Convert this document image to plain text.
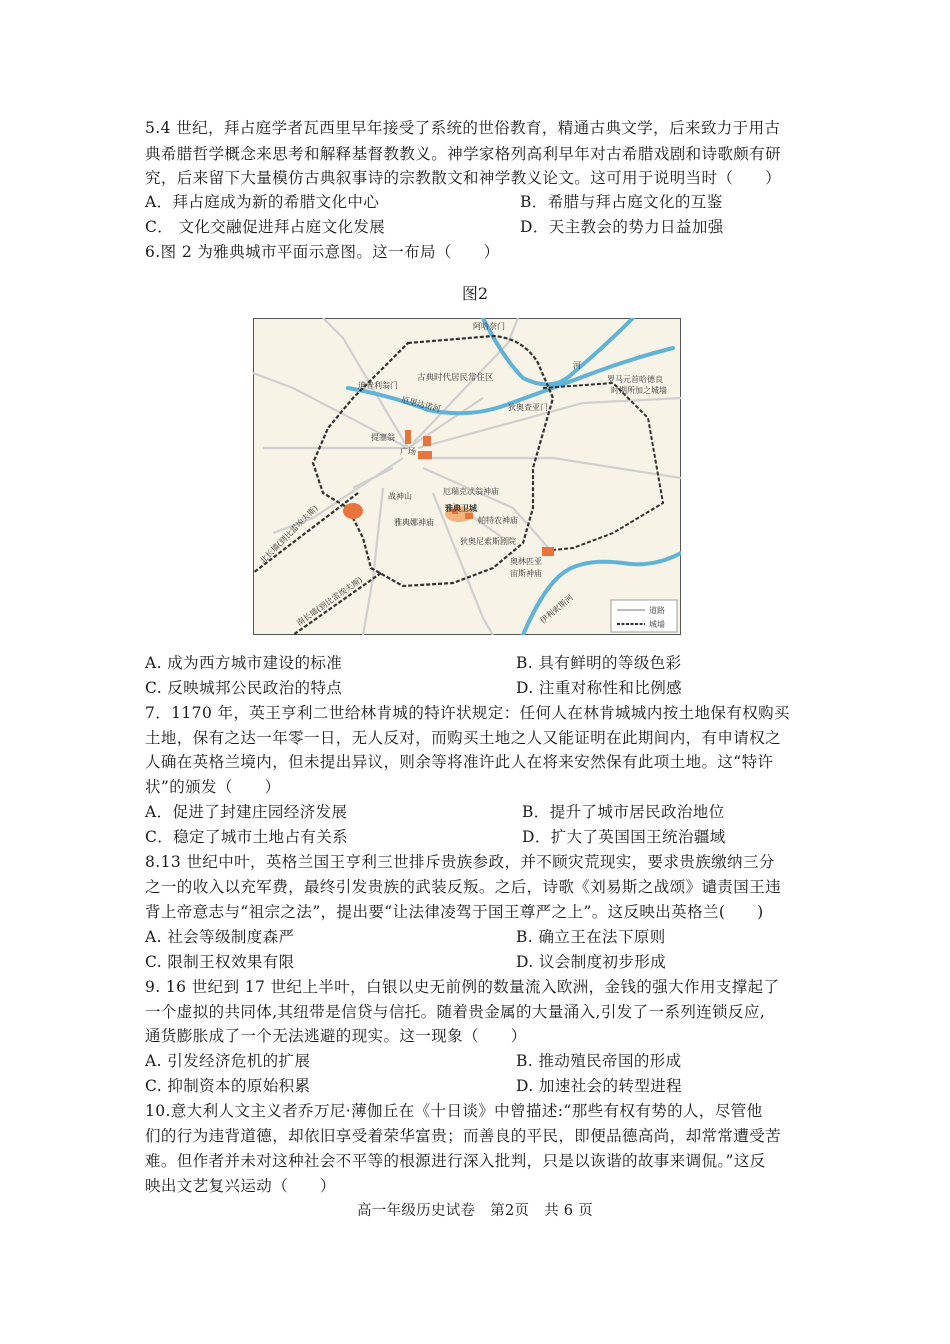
5.4 世纪，拜占庭学者瓦西里早年接受了系统的世俗教育，精通古典文学，后来致力于用古
典希腊哲学概念来思考和解释基督教教义。神学家格列高利早年对古希腊戏剧和诗歌颇有研
究，后来留下大量模仿古典叙事诗的宗教散文和神学教义论文。这可用于说明当时（　　）
A．拜占庭成为新的希腊文化中心	B．希腊与拜占庭文化的互鉴
C． 文化交融促进拜占庭文化发展	D．天主教会的势力日益加强
6.图 2 为雅典城市平面示意图。这一布局（　　）
图2
阿哈奈门
古典时代居民常住区
迪普利翁门
罗马元首哈德良
时期所加之城墙
狄奥查亚门
提塞翁
广场
战神山
厄瑞克忒翁神庙
雅典卫城
雅典娜神庙	帕特农神庙
狄奥尼索斯剧院
奥林匹亚
宙斯神庙
厄里达诺河
伊利索斯河
河
北长墙(到比雷埃夫斯)
南长墙(到比雷埃夫斯)	道路
城墙
A. 成为西方城市建设的标准	B. 具有鲜明的等级色彩
C. 反映城邦公民政治的特点	D. 注重对称性和比例感
7．1170 年，英王亨利二世给林肯城的特许状规定：任何人在林肯城城内按土地保有权购买
土地，保有之达一年零一日，无人反对，而购买土地之人又能证明在此期间内，有申请权之
人确在英格兰境内，但未提出异议，则余等将准许此人在将来安然保有此项土地。这“特许
状”的颁发（　　）
A．促进了封建庄园经济发展	B．提升了城市居民政治地位
C．稳定了城市土地占有关系	D．扩大了英国国王统治疆域
8.13 世纪中叶，英格兰国王亨利三世排斥贵族参政，并不顾灾荒现实，要求贵族缴纳三分
之一的收入以充军费，最终引发贵族的武装反叛。之后，诗歌《刘易斯之战颂》谴责国王违
背上帝意志与“祖宗之法”，提出要“让法律凌驾于国王尊严之上”。这反映出英格兰(　　)
A. 社会等级制度森严	B. 确立王在法下原则
C. 限制王权效果有限	D. 议会制度初步形成
9. 16 世纪到 17 世纪上半叶，白银以史无前例的数量流入欧洲，金钱的强大作用支撑起了
一个虚拟的共同体,其纽带是信贷与信托。随着贵金属的大量涌入,引发了一系列连锁反应,
通货膨胀成了一个无法逃避的现实。这一现象（　　）
A. 引发经济危机的扩展	B. 推动殖民帝国的形成
C. 抑制资本的原始积累	D. 加速社会的转型进程
10.意大利人文主义者乔万尼·薄伽丘在《十日谈》中曾描述:“那些有权有势的人，尽管他
们的行为违背道德，却依旧享受着荣华富贵；而善良的平民，即便品德高尚，却常常遭受苦
难。但作者并未对这种社会不平等的根源进行深入批判，只是以诙谐的故事来调侃。”这反
映出文艺复兴运动（　　）
高一年级历史试卷　第2页　共 6 页
